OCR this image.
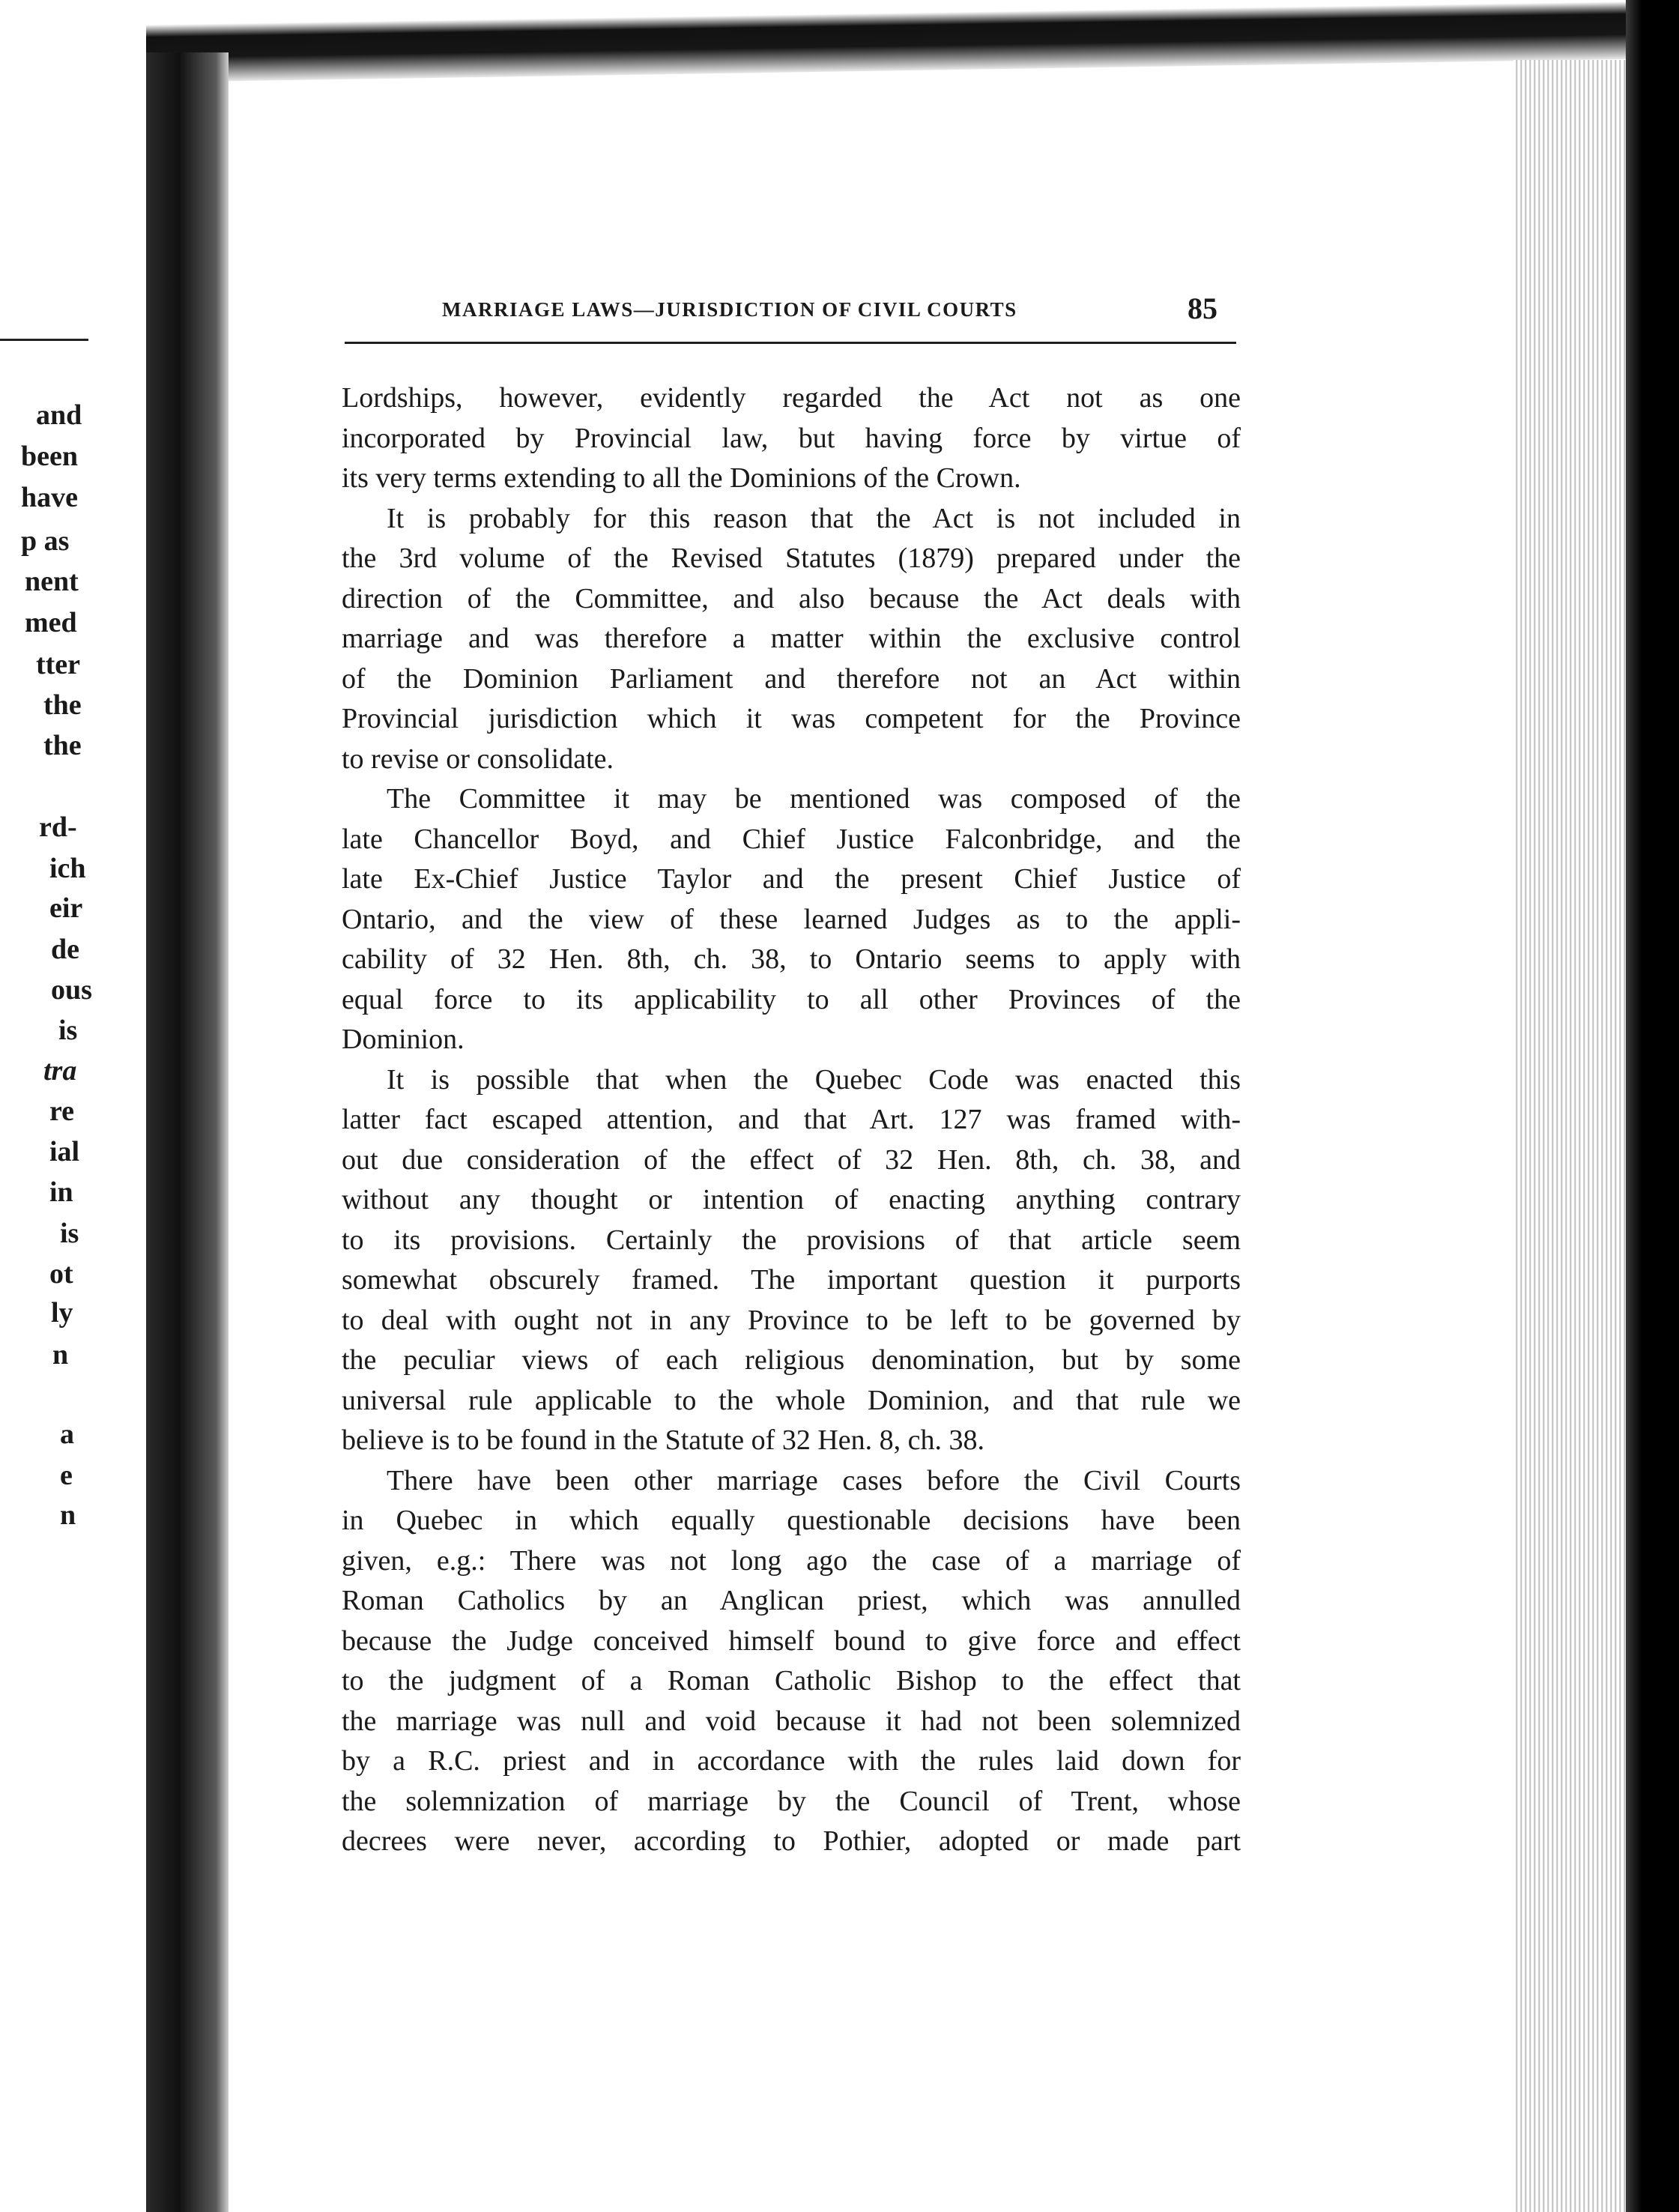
and
been
have
p as
nent
med
tter
the
the
rd-
ich
eir
de
ous
is
tra
re
ial
in
is
ot
ly
n
a
e
n
MARRIAGE LAWS—JURISDICTION OF CIVIL COURTS	85
Lordships, however, evidently regarded the Act not as one
incorporated by Provincial law, but having force by virtue of
its very terms extending to all the Dominions of the Crown.
It is probably for this reason that the Act is not included in
the 3rd volume of the Revised Statutes (1879) prepared under the
direction of the Committee, and also because the Act deals with
marriage and was therefore a matter within the exclusive control
of the Dominion Parliament and therefore not an Act within
Provincial jurisdiction which it was competent for the Province
to revise or consolidate.
The Committee it may be mentioned was composed of the
late Chancellor Boyd, and Chief Justice Falconbridge, and the
late Ex-Chief Justice Taylor and the present Chief Justice of
Ontario, and the view of these learned Judges as to the appli-
cability of 32 Hen. 8th, ch. 38, to Ontario seems to apply with
equal force to its applicability to all other Provinces of the
Dominion.
It is possible that when the Quebec Code was enacted this
latter fact escaped attention, and that Art. 127 was framed with-
out due consideration of the effect of 32 Hen. 8th, ch. 38, and
without any thought or intention of enacting anything contrary
to its provisions. Certainly the provisions of that article seem
somewhat obscurely framed. The important question it purports
to deal with ought not in any Province to be left to be governed by
the peculiar views of each religious denomination, but by some
universal rule applicable to the whole Dominion, and that rule we
believe is to be found in the Statute of 32 Hen. 8, ch. 38.
There have been other marriage cases before the Civil Courts
in Quebec in which equally questionable decisions have been
given, e.g.: There was not long ago the case of a marriage of
Roman Catholics by an Anglican priest, which was annulled
because the Judge conceived himself bound to give force and effect
to the judgment of a Roman Catholic Bishop to the effect that
the marriage was null and void because it had not been solemnized
by a R.C. priest and in accordance with the rules laid down for
the solemnization of marriage by the Council of Trent, whose
decrees were never, according to Pothier, adopted or made part
